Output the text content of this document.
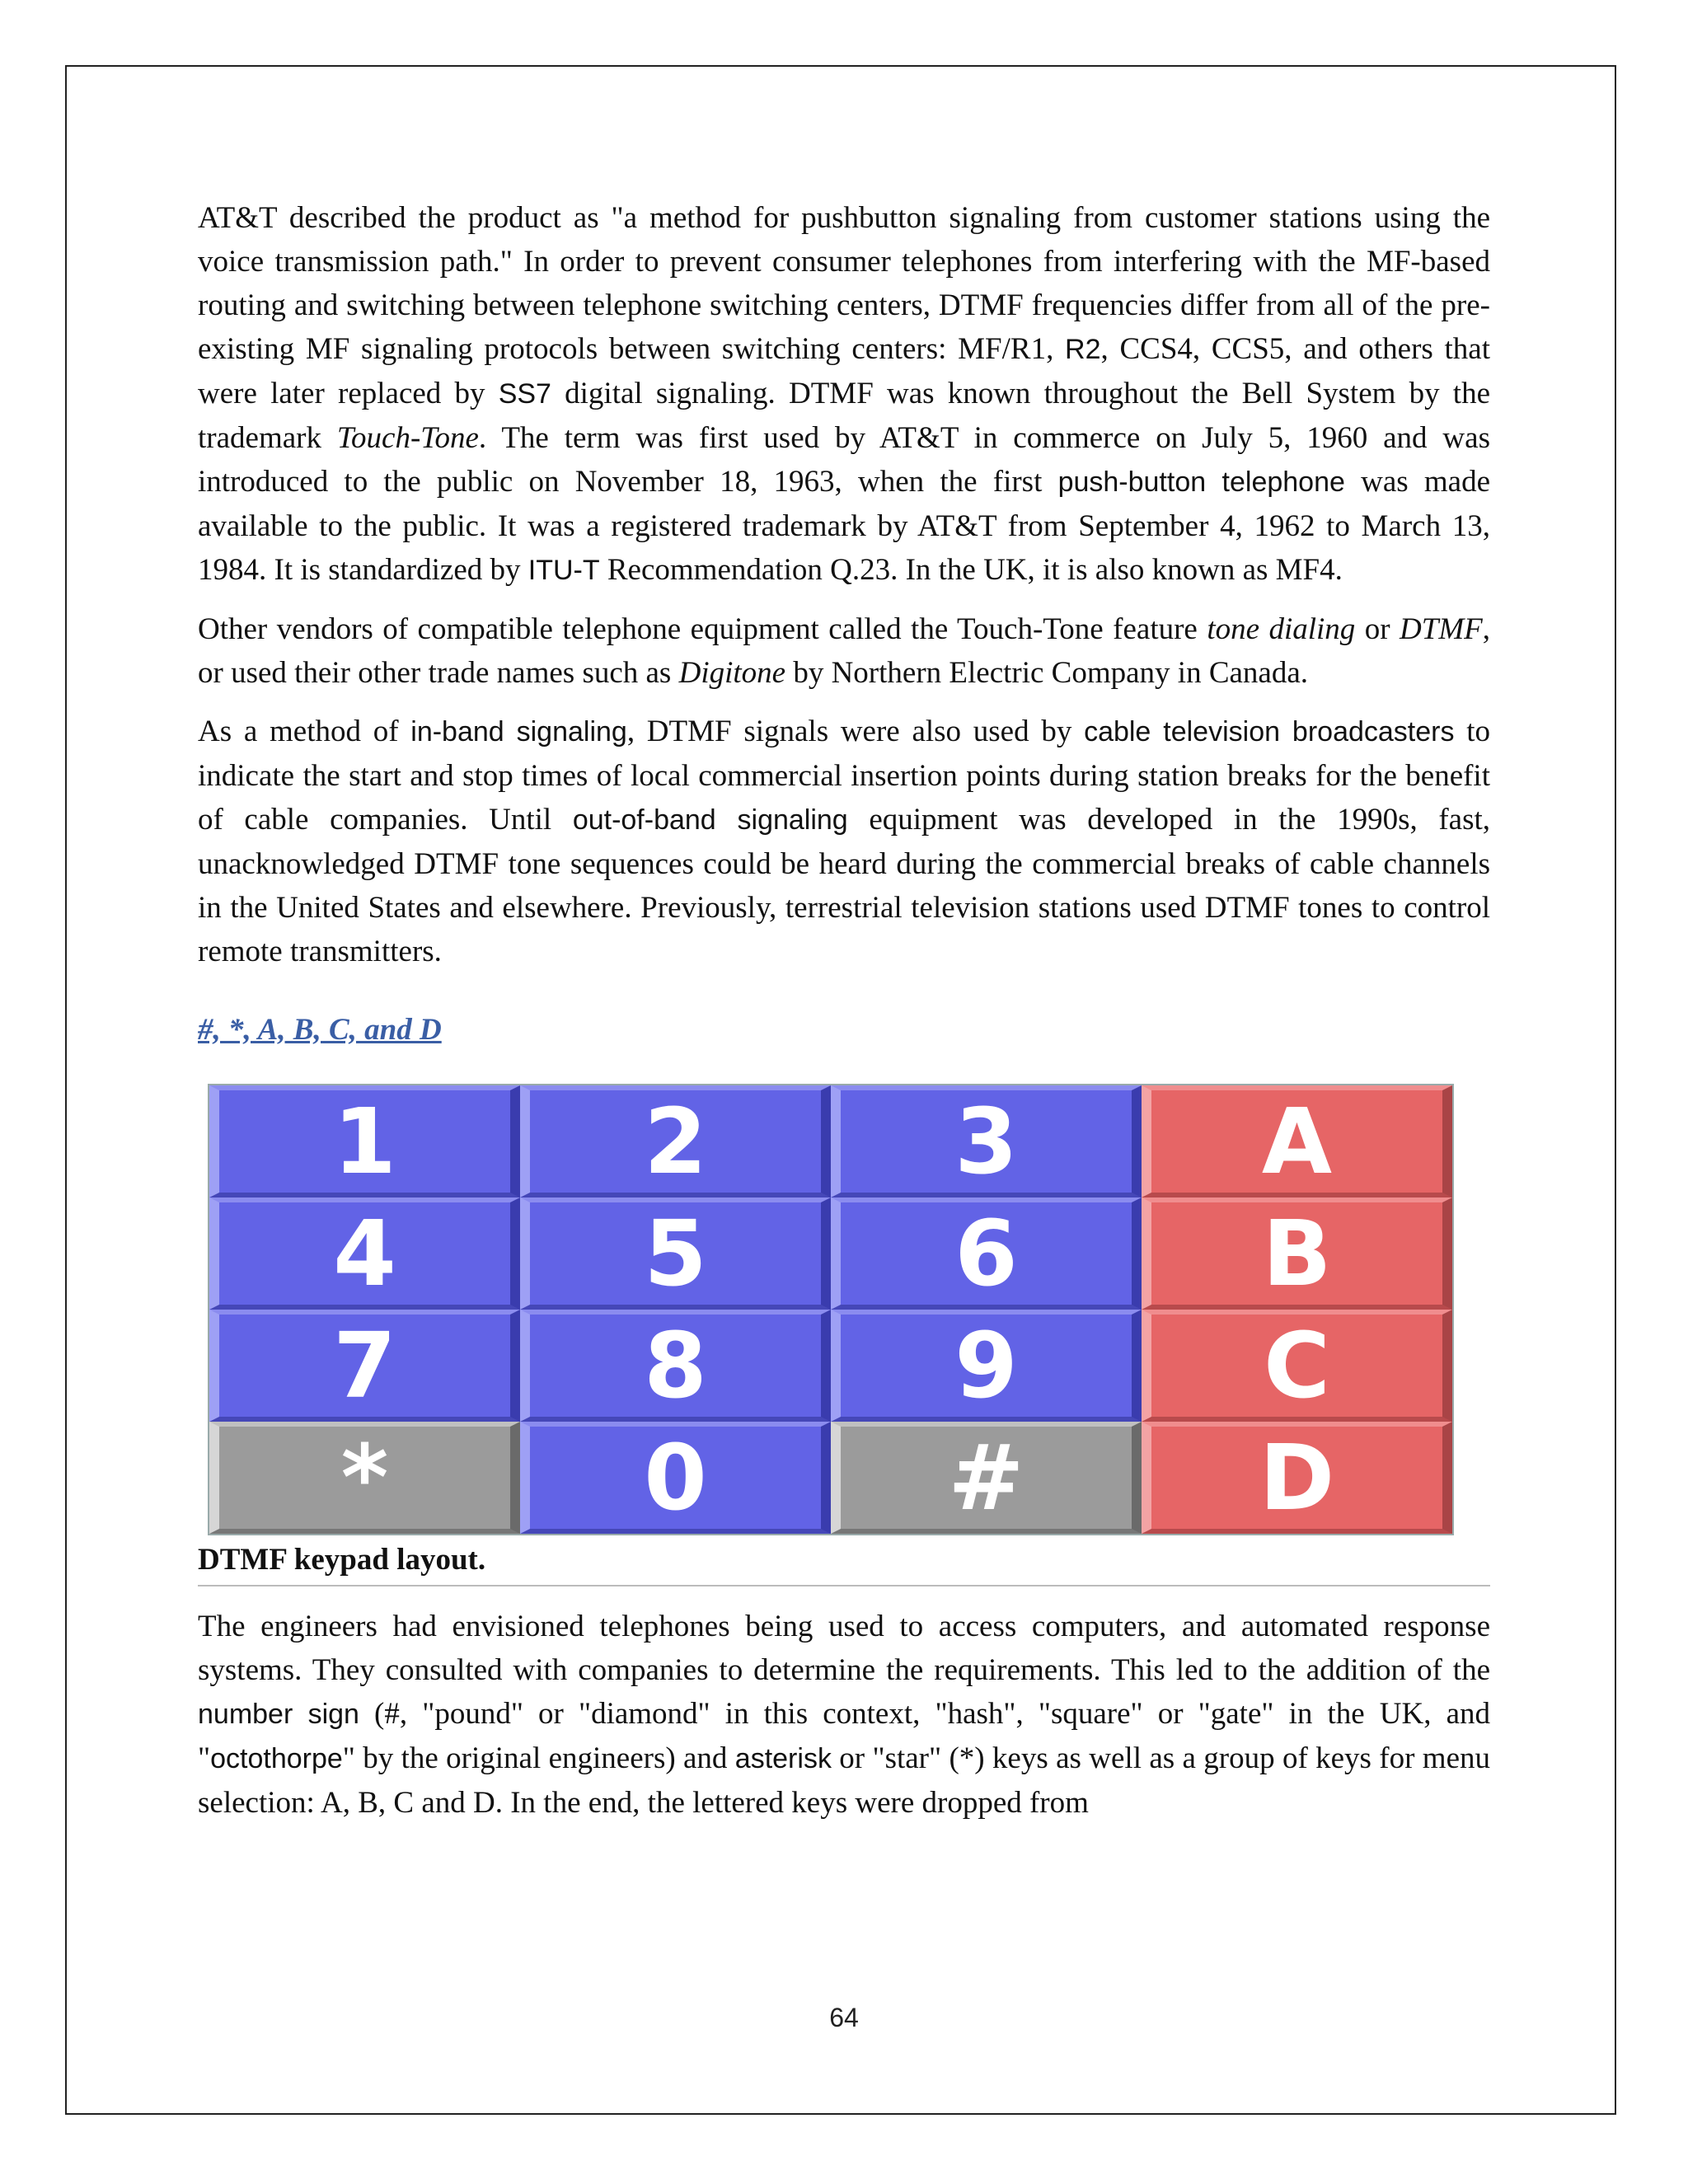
AT&T described the product as "a method for pushbutton signaling from customer stations using the voice transmission path." In order to prevent consumer telephones from interfering with the MF-based routing and switching between telephone switching centers, DTMF frequencies differ from all of the pre-existing MF signaling protocols between switching centers: MF/R1, R2, CCS4, CCS5, and others that were later replaced by SS7 digital signaling. DTMF was known throughout the Bell System by the trademark Touch-Tone. The term was first used by AT&T in commerce on July 5, 1960 and was introduced to the public on November 18, 1963, when the first push-button telephone was made available to the public. It was a registered trademark by AT&T from September 4, 1962 to March 13, 1984. It is standardized by ITU-T Recommendation Q.23. In the UK, it is also known as MF4.

Other vendors of compatible telephone equipment called the Touch-Tone feature tone dialing or DTMF, or used their other trade names such as Digitone by Northern Electric Company in Canada.

As a method of in-band signaling, DTMF signals were also used by cable television broadcasters to indicate the start and stop times of local commercial insertion points during station breaks for the benefit of cable companies. Until out-of-band signaling equipment was developed in the 1990s, fast, unacknowledged DTMF tone sequences could be heard during the commercial breaks of cable channels in the United States and elsewhere. Previously, terrestrial television stations used DTMF tones to control remote transmitters.

#, *, A, B, C, and D
1	2	3	A
4	5	6	B
7	8	9	C
*	0	#	D
DTMF keypad layout.

The engineers had envisioned telephones being used to access computers, and automated response systems. They consulted with companies to determine the requirements. This led to the addition of the number sign (#, "pound" or "diamond" in this context, "hash", "square" or "gate" in the UK, and "octothorpe" by the original engineers) and asterisk or "star" (*) keys as well as a group of keys for menu selection: A, B, C and D. In the end, the lettered keys were dropped from

64
